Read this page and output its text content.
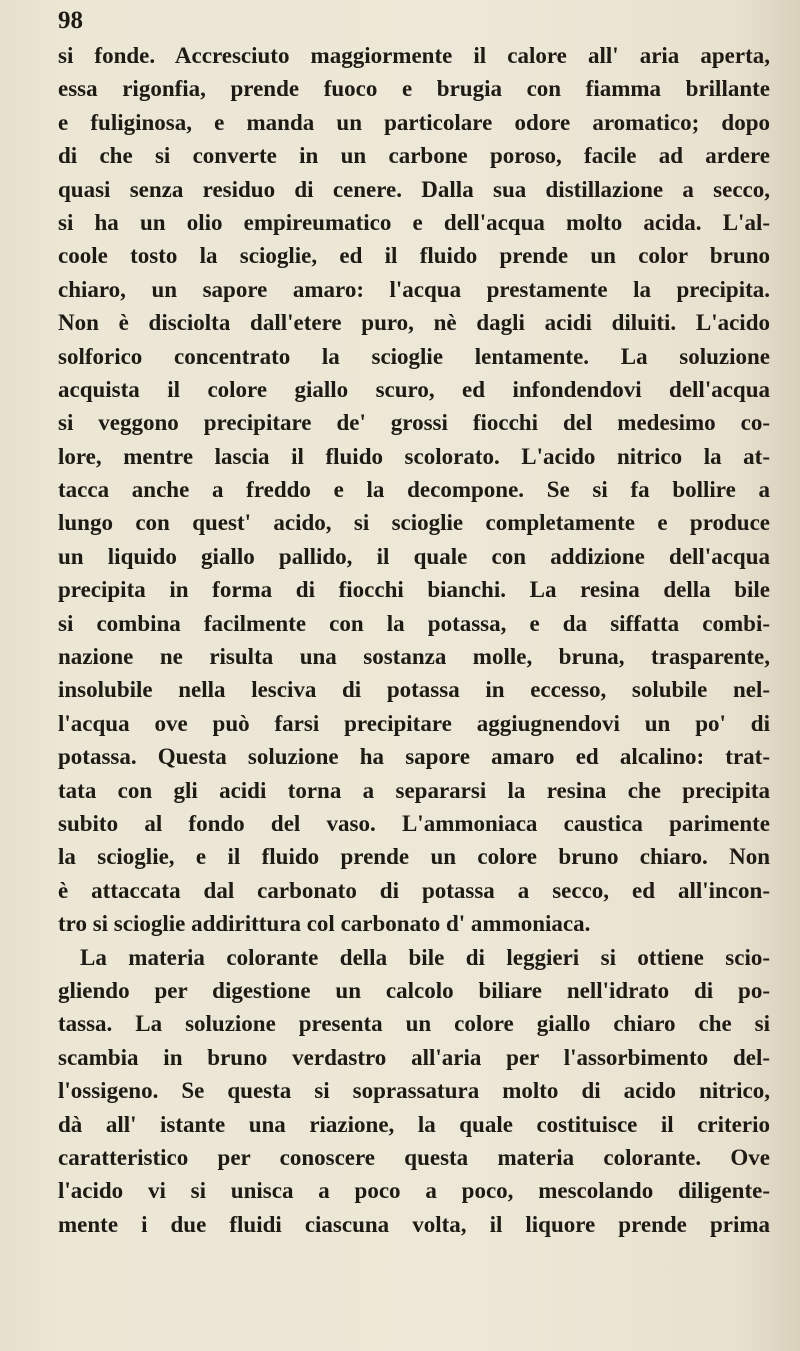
98
si fonde. Accresciuto maggiormente il calore all' aria aperta,
essa rigonfia, prende fuoco e brugia con fiamma brillante
e fuliginosa, e manda un particolare odore aromatico; dopo
di che si converte in un carbone poroso, facile ad ardere
quasi senza residuo di cenere. Dalla sua distillazione a secco,
si ha un olio empireumatico e dell'acqua molto acida. L'al-
coole tosto la scioglie, ed il fluido prende un color bruno
chiaro, un sapore amaro: l'acqua prestamente la precipita.
Non è disciolta dall'etere puro, nè dagli acidi diluiti. L'acido
solforico concentrato la scioglie lentamente. La soluzione
acquista il colore giallo scuro, ed infondendovi dell'acqua
si veggono precipitare de' grossi fiocchi del medesimo co-
lore, mentre lascia il fluido scolorato. L'acido nitrico la at-
tacca anche a freddo e la decompone. Se si fa bollire a
lungo con quest' acido, si scioglie completamente e produce
un liquido giallo pallido, il quale con addizione dell'acqua
precipita in forma di fiocchi bianchi. La resina della bile
si combina facilmente con la potassa, e da siffatta combi-
nazione ne risulta una sostanza molle, bruna, trasparente,
insolubile nella lesciva di potassa in eccesso, solubile nel-
l'acqua ove può farsi precipitare aggiugnendovi un po' di
potassa. Questa soluzione ha sapore amaro ed alcalino: trat-
tata con gli acidi torna a separarsi la resina che precipita
subito al fondo del vaso. L'ammoniaca caustica parimente
la scioglie, e il fluido prende un colore bruno chiaro. Non
è attaccata dal carbonato di potassa a secco, ed all'incon-
tro si scioglie addirittura col carbonato d' ammoniaca.
La materia colorante della bile di leggieri si ottiene scio-
gliendo per digestione un calcolo biliare nell'idrato di po-
tassa. La soluzione presenta un colore giallo chiaro che si
scambia in bruno verdastro all'aria per l'assorbimento del-
l'ossigeno. Se questa si soprassatura molto di acido nitrico,
dà all' istante una riazione, la quale costituisce il criterio
caratteristico per conoscere questa materia colorante. Ove
l'acido vi si unisca a poco a poco, mescolando diligente-
mente i due fluidi ciascuna volta, il liquore prende prima
